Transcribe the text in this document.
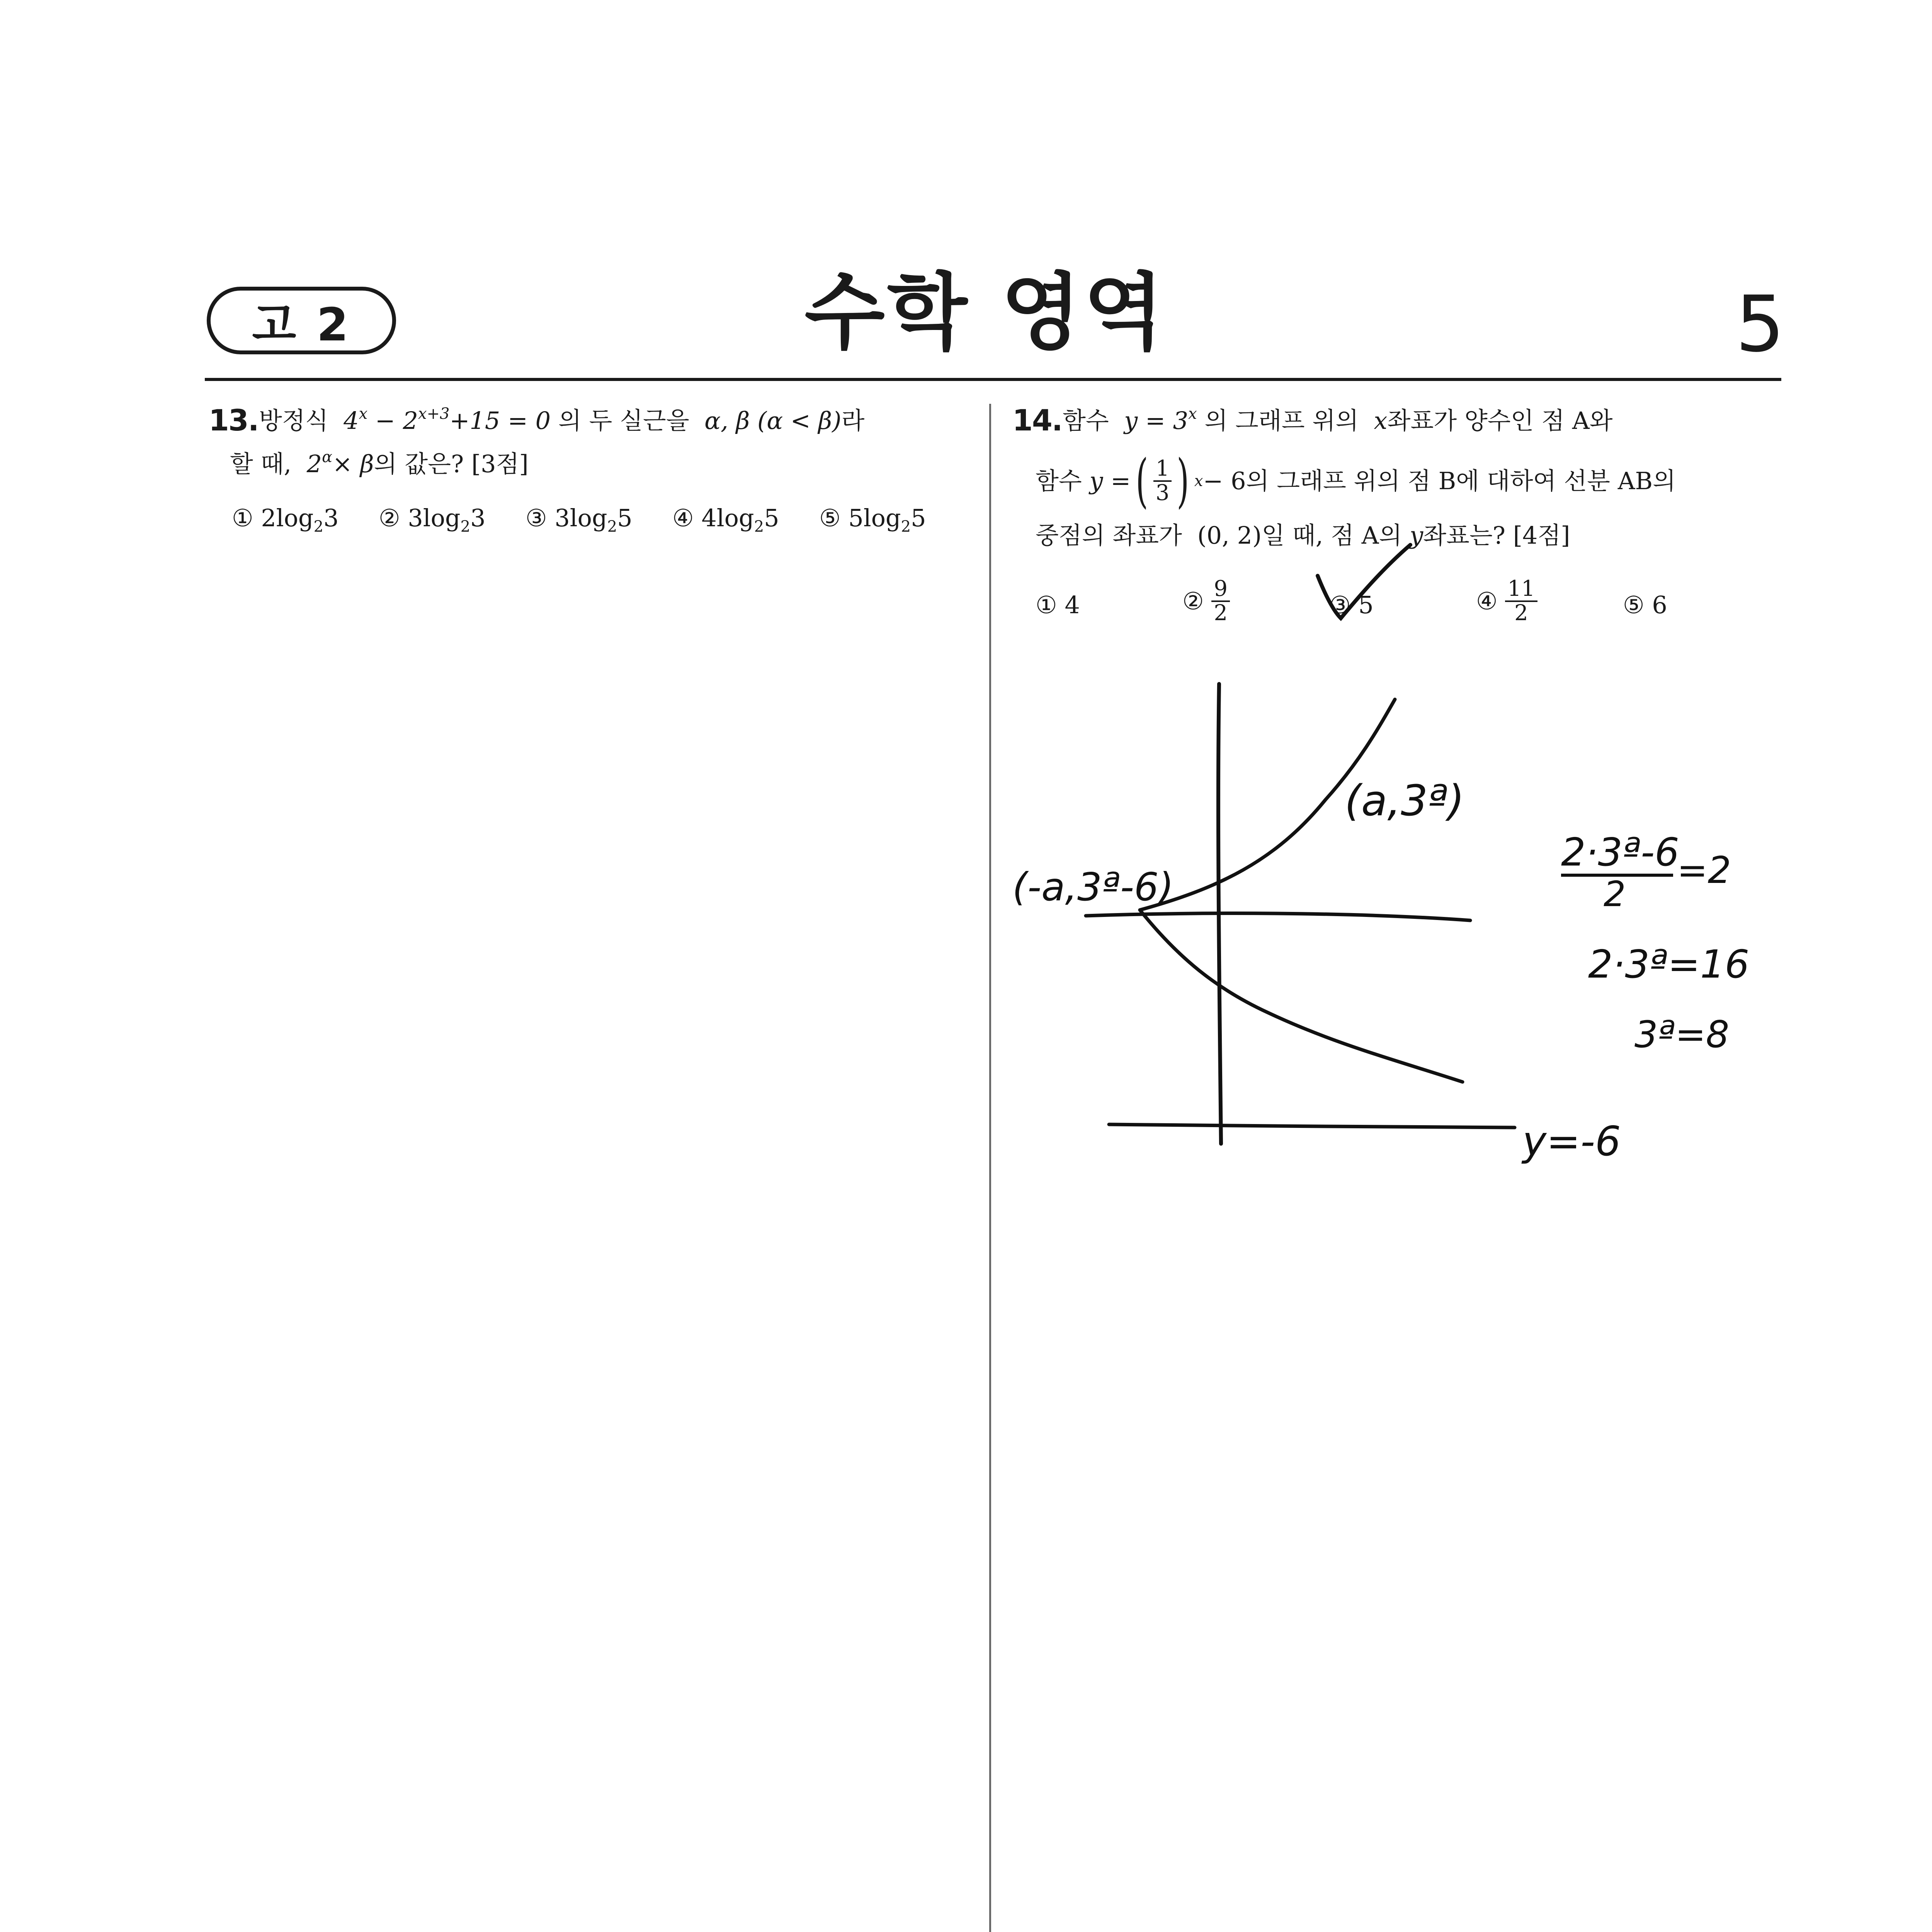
고 2	수학 영역	5
13. 방정식 $4^x - 2^{x+3}+15 = 0$ 의 두 실근을 α, β (α < β)라
할 때, $2^\alpha\times \beta$의 값은? [3점]
① $2\log_23$ ② $3\log_23$ ③ $3\log_25$ ④ $4\log_25$ ⑤ $5\log_25$
14. 함수 $y = 3^x$ 의 그래프 위의 x좌표가 양수인 점 A와
함수
y = ( $\frac{1}{3}$ ) x − 6 의 그래프 위의 점 B에 대하여 선분 AB의
중점의 좌표가 (0, 2)일 때, 점 A의 y좌표는? [4점]
① 4	②
$\frac{9}{2}$	③ 5	④
$\frac{11}{2}$	⑤ 6
(a,3ª)
(-a,3ª-6)
y=-6
2·3ª-6
2
=2
2·3ª=16
3ª=8
